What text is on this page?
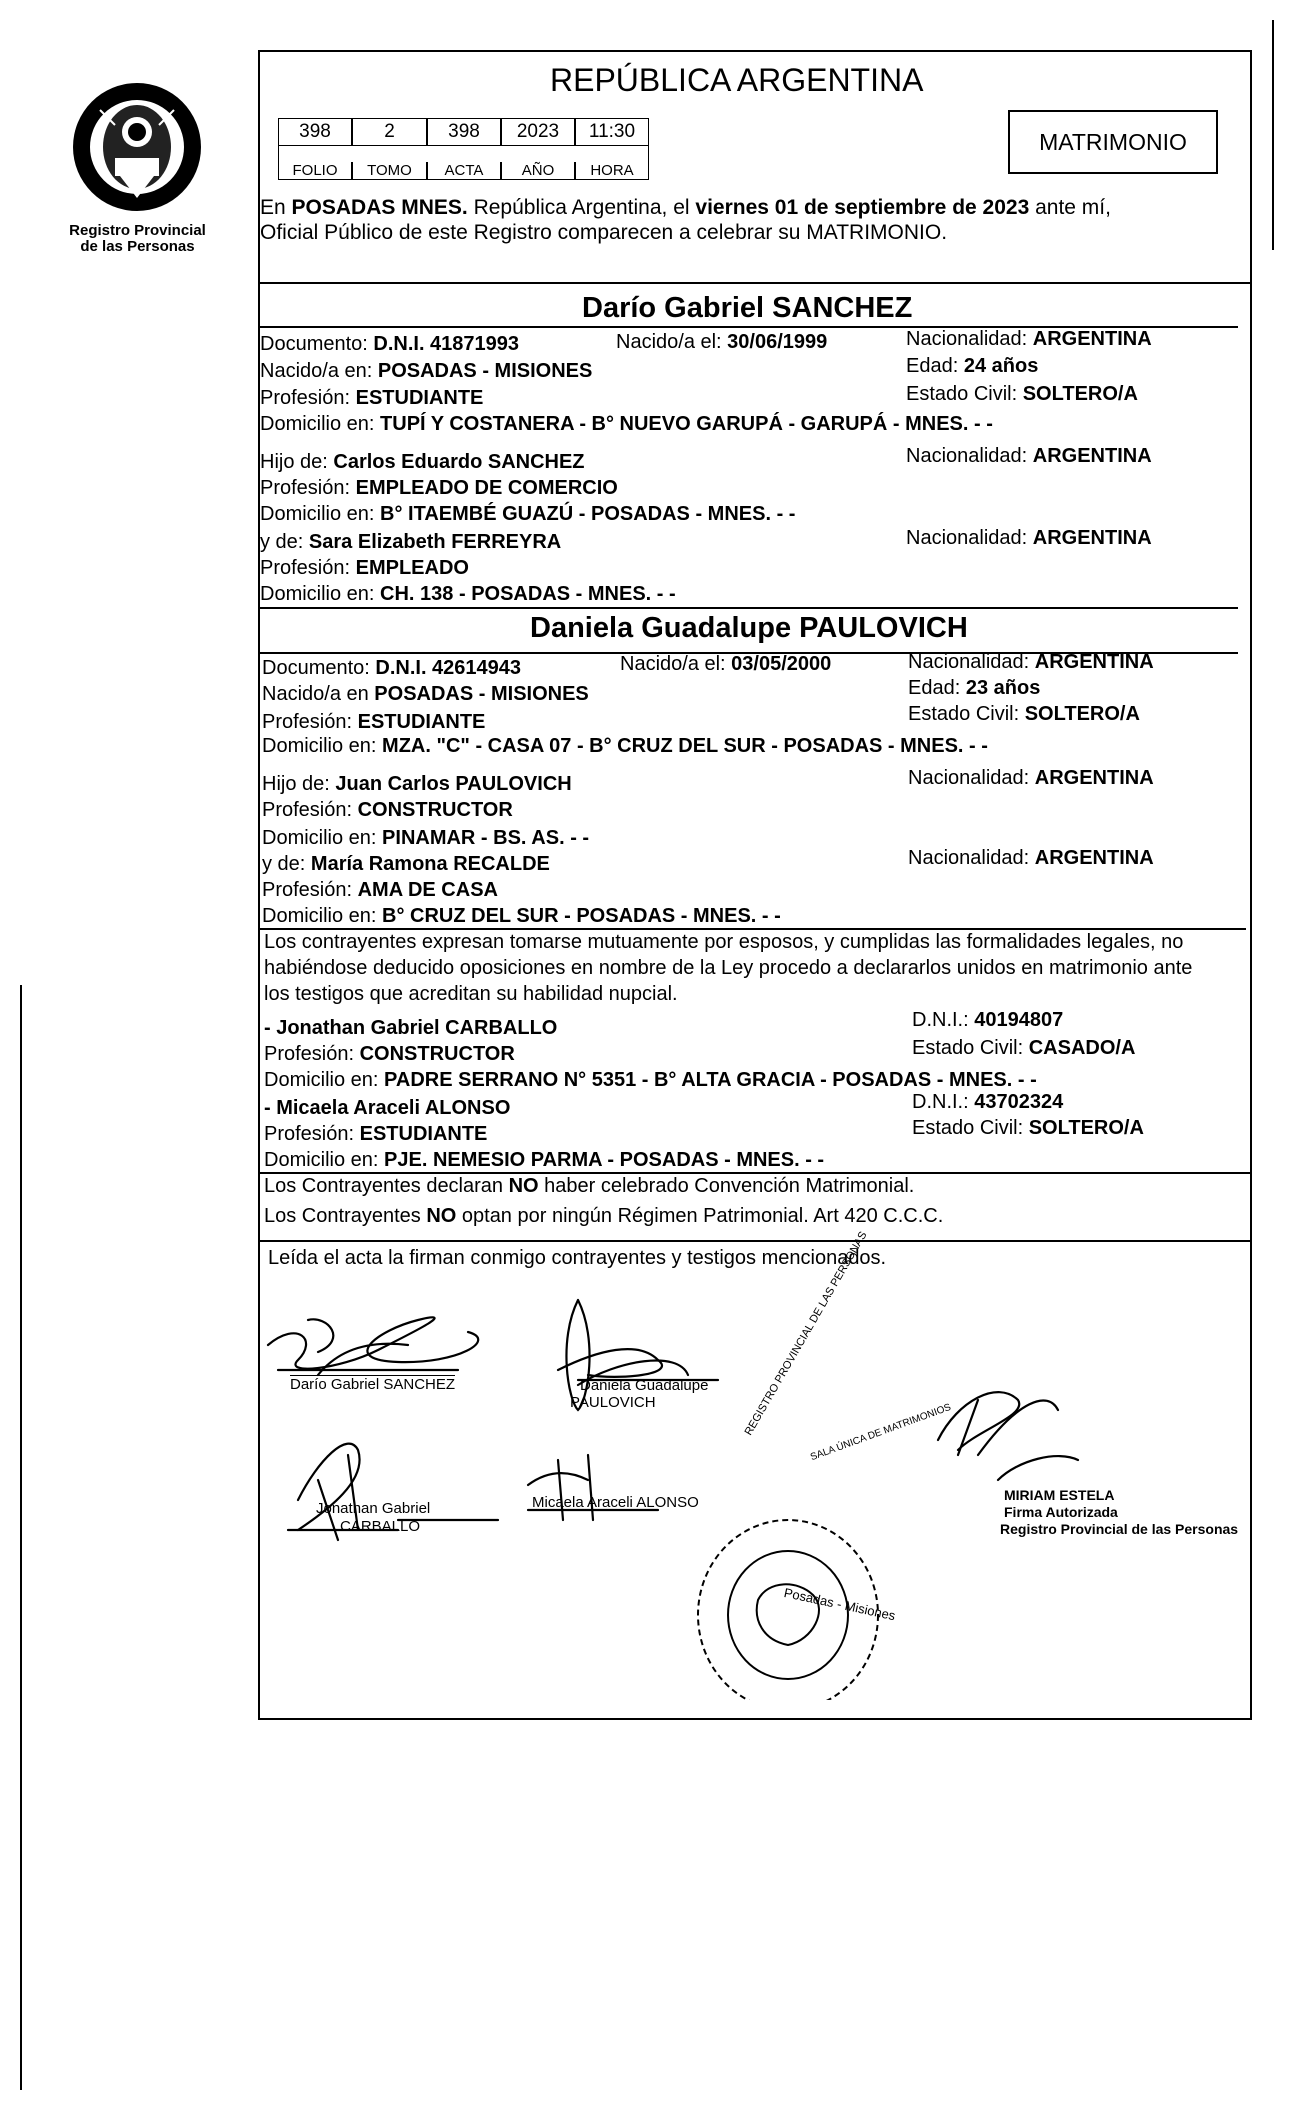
Registro Provincial
de las Personas
REPÚBLICA ARGENTINA
398	2	398	2023	11:30
FOLIO	TOMO	ACTA	AÑO	HORA
MATRIMONIO
En POSADAS MNES. República Argentina, el viernes 01 de septiembre de 2023 ante mí,
Oficial Público de este Registro comparecen a celebrar su MATRIMONIO.
Darío Gabriel SANCHEZ
Documento: D.N.I. 41871993	Nacido/a el: 30/06/1999	Nacionalidad: ARGENTINA
Nacido/a en: POSADAS - MISIONES	Edad: 24 años
Profesión: ESTUDIANTE	Estado Civil: SOLTERO/A
Domicilio en: TUPÍ Y COSTANERA - B° NUEVO GARUPÁ - GARUPÁ - MNES. - -
Hijo de: Carlos Eduardo SANCHEZ	Nacionalidad: ARGENTINA
Profesión: EMPLEADO DE COMERCIO
Domicilio en: B° ITAEMBÉ GUAZÚ - POSADAS - MNES. - -
y de: Sara Elizabeth FERREYRA	Nacionalidad: ARGENTINA
Profesión: EMPLEADO
Domicilio en: CH. 138 - POSADAS - MNES. - -
Daniela Guadalupe PAULOVICH
Documento: D.N.I. 42614943	Nacido/a el: 03/05/2000	Nacionalidad: ARGENTINA
Nacido/a en POSADAS - MISIONES	Edad: 23 años
Profesión: ESTUDIANTE	Estado Civil: SOLTERO/A
Domicilio en: MZA. "C" - CASA 07 - B° CRUZ DEL SUR - POSADAS - MNES. - -
Hijo de: Juan Carlos PAULOVICH	Nacionalidad: ARGENTINA
Profesión: CONSTRUCTOR
Domicilio en: PINAMAR - BS. AS. - -
y de: María Ramona RECALDE	Nacionalidad: ARGENTINA
Profesión: AMA DE CASA
Domicilio en: B° CRUZ DEL SUR - POSADAS - MNES. - -
Los contrayentes expresan tomarse mutuamente por esposos, y cumplidas las formalidades legales, no
habiéndose deducido oposiciones en nombre de la Ley procedo a declararlos unidos en matrimonio ante
los testigos que acreditan su habilidad nupcial.
- Jonathan Gabriel CARBALLO	D.N.I.: 40194807
Profesión: CONSTRUCTOR	Estado Civil: CASADO/A
Domicilio en: PADRE SERRANO N° 5351 - B° ALTA GRACIA - POSADAS - MNES. - -
- Micaela Araceli ALONSO	D.N.I.: 43702324
Profesión: ESTUDIANTE	Estado Civil: SOLTERO/A
Domicilio en: PJE. NEMESIO PARMA - POSADAS - MNES. - -
Los Contrayentes declaran NO haber celebrado Convención Matrimonial.
Los Contrayentes NO optan por ningún Régimen Patrimonial. Art 420 C.C.C.
Leída el acta la firman conmigo contrayentes y testigos mencionados.
Darío Gabriel SANCHEZ	Daniela Guadalupe
PAULOVICH
Jonathan Gabriel
CARBALLO
Micaela Araceli ALONSO
REGISTRO PROVINCIAL DE LAS PERSONAS
SALA ÚNICA DE MATRIMONIOS
Posadas - Misiones
MIRIAM ESTELA
Firma Autorizada
Registro Provincial de las Personas
